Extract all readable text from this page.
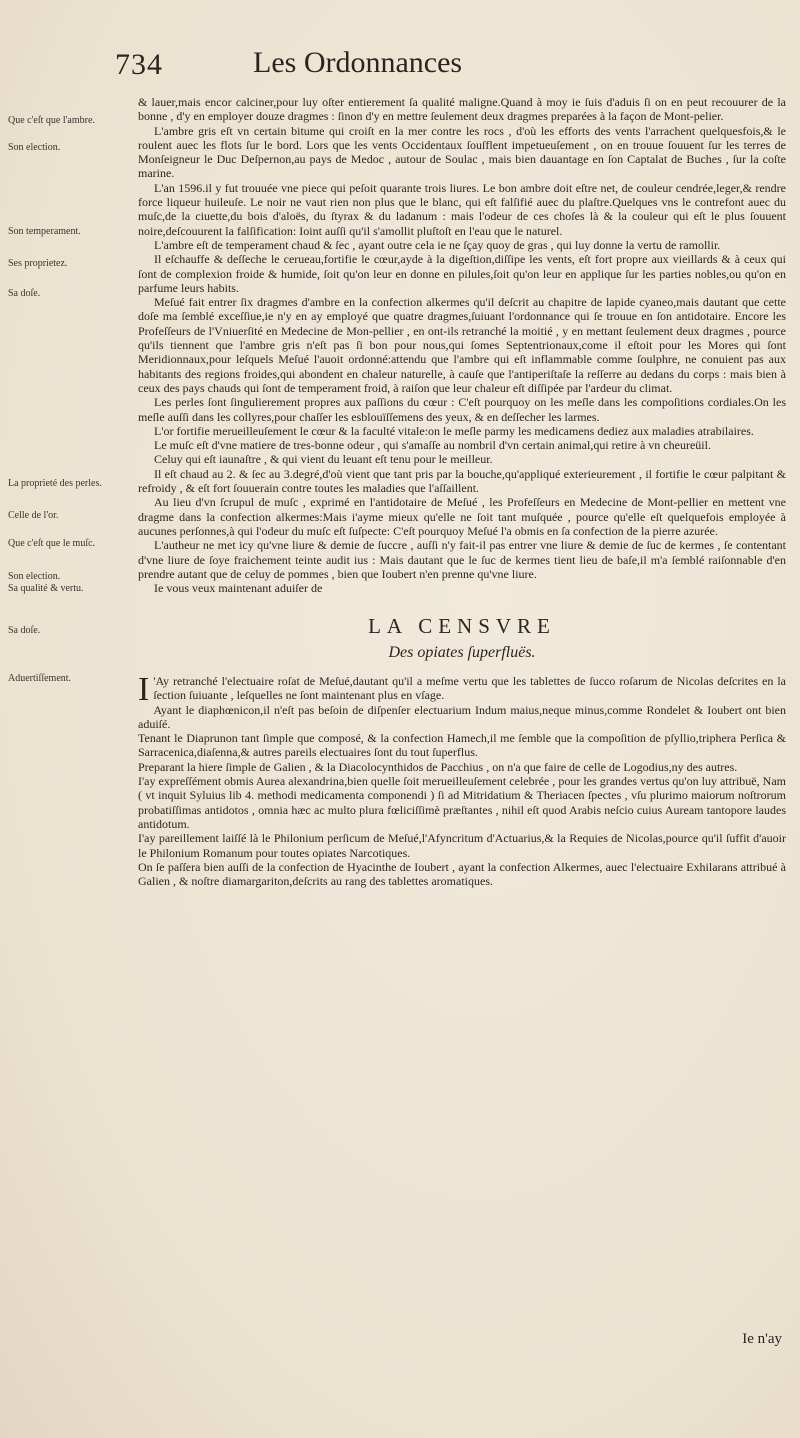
734	Les Ordonnances
Que c'eſt que l'ambre.
Son election.
Son temperament.
Ses proprietez.
Sa doſe.
La proprieté des perles.
Celle de l'or.
Que c'eſt que le muſc.
Son election.
Sa qualité & vertu.
Sa doſe.
Aduertiſſement.

& lauer,mais encor calciner,pour luy oſter entierement ſa qualité maligne.Quand à moy ie ſuis d'aduis ſi on en peut recouurer de la bonne , d'y en employer douze dragmes : ſinon d'y en mettre ſeulement deux dragmes preparées à la façon de Mont-pelier.

L'ambre gris eſt vn certain bitume qui croiſt en la mer contre les rocs , d'où les efforts des vents l'arrachent quelquesfois,& le roulent auec les flots ſur le bord. Lors que les vents Occidentaux ſouſflent impetueuſement , on en trouue ſouuent ſur les terres de Monſeigneur le Duc Deſpernon,au pays de Medoc , autour de Soulac , mais bien dauantage en ſon Captalat de Buches , ſur la coſte marine.

L'an 1596.il y fut trouuée vne piece qui peſoit quarante trois liures. Le bon ambre doit eſtre net, de couleur cendrée,leger,& rendre force liqueur huileuſe. Le noir ne vaut rien non plus que le blanc, qui eſt falſifié auec du plaſtre.Quelques vns le contrefont auec du muſc,de la ciuette,du bois d'aloës, du ſtyrax & du ladanum : mais l'odeur de ces choſes là & la couleur qui eſt le plus ſouuent noire,deſcouurent la falſification: Ioint auſſi qu'il s'amollit pluſtoſt en l'eau que le naturel.

L'ambre eſt de temperament chaud & ſec , ayant outre cela ie ne ſçay quoy de gras , qui luy donne la vertu de ramollir.

Il eſchauffe & deſſeche le cerueau,fortifie le cœur,ayde à la digeſtion,diſſipe les vents, eſt fort propre aux vieillards & à ceux qui ſont de complexion froide & humide, ſoit qu'on leur en donne en pilules,ſoit qu'on leur en applique ſur les parties nobles,ou qu'on en parfume leurs habits.

Meſué fait entrer ſix dragmes d'ambre en la confection alkermes qu'il deſcrit au chapitre de lapide cyaneo,mais dautant que cette doſe ma ſemblé exceſſiue,ie n'y en ay employé que quatre dragmes,ſuiuant l'ordonnance qui ſe trouue en ſon antidotaire. Encore les Profeſſeurs de l'Vniuerſité en Medecine de Mon-pellier , en ont-ils retranché la moitié , y en mettant ſeulement deux dragmes , pource qu'ils tiennent que l'ambre gris n'eſt pas ſi bon pour nous,qui ſomes Septentrionaux,come il eſtoit pour les Mores qui ſont Meridionnaux,pour leſquels Meſué l'auoit ordonné:attendu que l'ambre qui eſt inflammable comme ſoulphre, ne conuient pas aux habitants des regions froides,qui abondent en chaleur naturelle, à cauſe que l'antiperiſtaſe la reſſerre au dedans du corps : mais bien à ceux des pays chauds qui ſont de temperament froid, à raiſon que leur chaleur eſt diſſipée par l'ardeur du climat.

Les perles ſont ſingulierement propres aux paſſions du cœur : C'eſt pourquoy on les meſle dans les compoſitions cordiales.On les meſle auſſi dans les collyres,pour chaſſer les esblouïſſemens des yeux, & en deſſecher les larmes.

L'or fortifie merueilleuſement le cœur & la faculté vitale:on le meſle parmy les medicamens dediez aux maladies atrabilaires.

Le muſc eſt d'vne matiere de tres-bonne odeur , qui s'amaſſe au nombril d'vn certain animal,qui retire à vn cheureüil.

Celuy qui eſt iaunaſtre , & qui vient du leuant eſt tenu pour le meilleur.

Il eſt chaud au 2. & ſec au 3.degré,d'où vient que tant pris par la bouche,qu'appliqué exterieurement , il fortifie le cœur palpitant & refroidy , & eſt fort ſouuerain contre toutes les maladies que l'aſſaillent.

Au lieu d'vn ſcrupul de muſc , exprimé en l'antidotaire de Meſué , les Profeſſeurs en Medecine de Mont-pellier en mettent vne dragme dans la confection alkermes:Mais i'ayme mieux qu'elle ne ſoit tant muſquée , pource qu'elle eſt quelquefois employée à aucunes perſonnes,à qui l'odeur du muſc eſt ſuſpecte: C'eſt pourquoy Meſué l'a obmis en ſa confection de la pierre azurée.

L'autheur ne met icy qu'vne liure & demie de ſuccre , auſſi n'y fait-il pas entrer vne liure & demie de ſuc de kermes , ſe contentant d'vne liure de ſoye fraichement teinte audit ius : Mais dautant que le ſuc de kermes tient lieu de baſe,il m'a ſemblé raiſonnable d'en prendre autant que de celuy de pommes , bien que Ioubert n'en prenne qu'vne liure.

Ie vous veux maintenant aduiſer de

LA CENSVRE
Des opiates ſuperfluës.

I 'Ay retranché l'electuaire roſat de Meſué,dautant qu'il a meſme vertu que les tablettes de ſucco roſarum de Nicolas deſcrites en la ſection ſuiuante , leſquelles ne ſont maintenant plus en vſage.

Ayant le diaphœnicon,il n'eſt pas beſoin de diſpenſer electuarium Indum maius,neque minus,comme Rondelet & Ioubert ont bien aduiſé.

Tenant le Diaprunon tant ſimple que composé, & la confection Hamech,il me ſemble que la compoſition de pſyllio,triphera Perſica & Sarracenica,diaſenna,& autres pareils electuaires ſont du tout ſuperflus.

Preparant la hiere ſimple de Galien , & la Diacolocynthidos de Pacchius , on n'a que faire de celle de Logodius,ny des autres.

I'ay expreſſément obmis Aurea alexandrina,bien quelle ſoit merueilleuſement celebrée , pour les grandes vertus qu'on luy attribuë, Nam ( vt inquit Syluius lib 4. methodi medicamenta componendi ) ſi ad Mitridatium & Theriacen ſpectes , vſu plurimo maiorum noſtrorum probatiſſimas antidotos , omnia hæc ac multo plura fœliciſſimè præſtantes , nihil eſt quod Arabis neſcio cuius Auream tantopore laudes antidotum.

I'ay pareillement laiſſé là le Philonium perſicum de Meſué,l'Afyncritum d'Actuarius,& la Requies de Nicolas,pource qu'il ſuffit d'auoir le Philonium Romanum pour toutes opiates Narcotiques.

On ſe paſſera bien auſſi de la confection de Hyacinthe de Ioubert , ayant la confection Alkermes, auec l'electuaire Exhilarans attribué à Galien , & noſtre diamargariton,deſcrits au rang des tablettes aromatiques.

Ie n'ay
